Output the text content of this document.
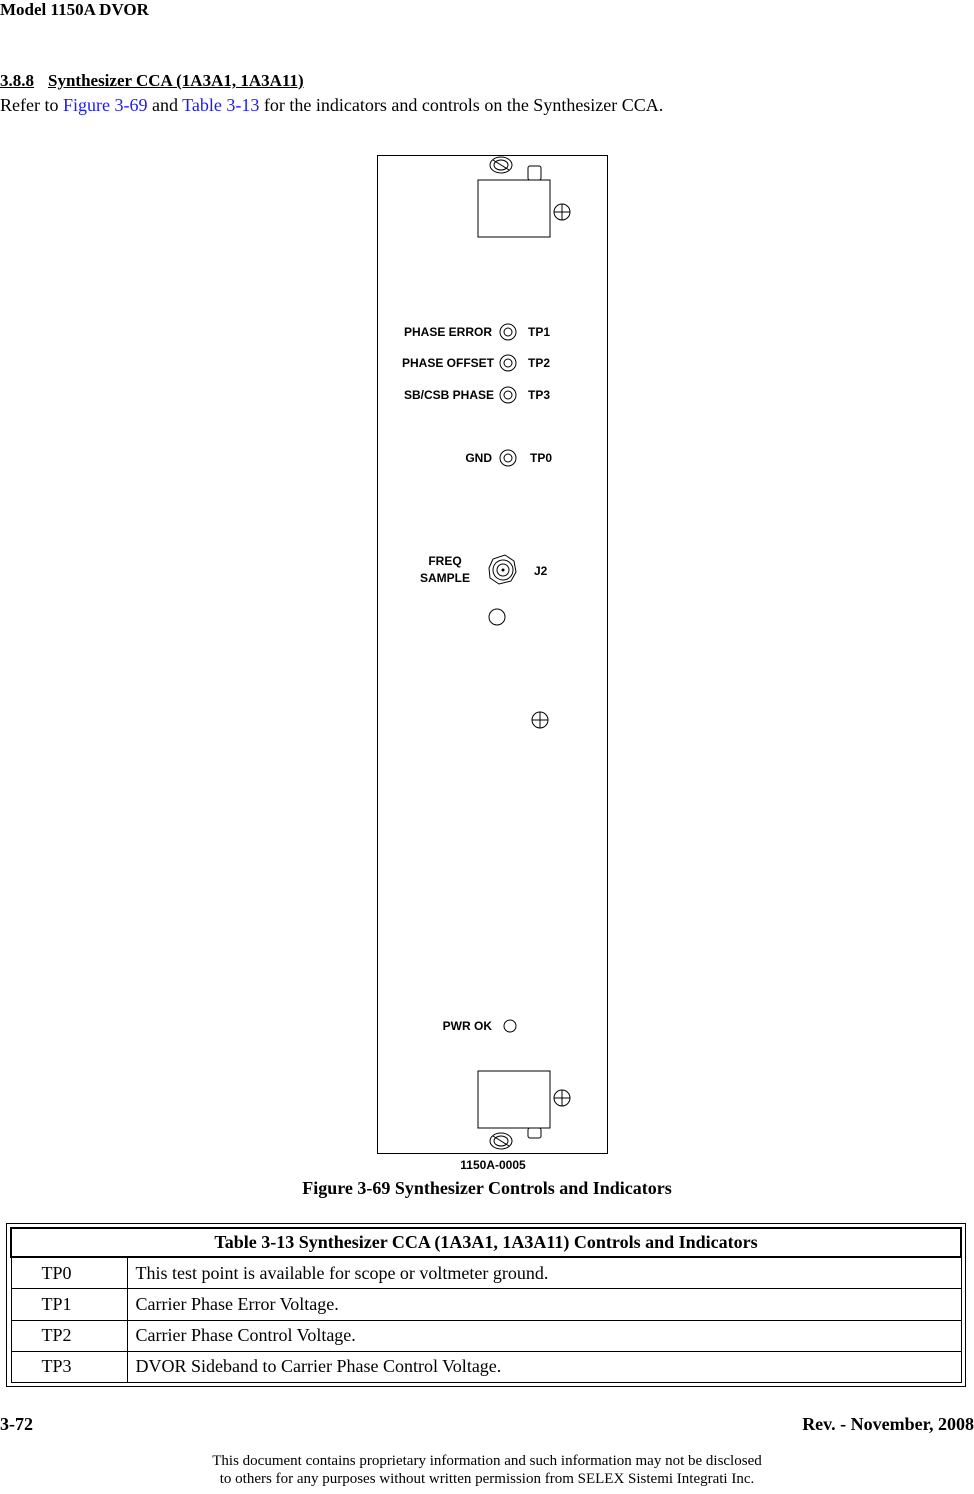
Model 1150A DVOR
3.8.8 Synthesizer CCA (1A3A1, 1A3A11)
Refer to Figure 3-69 and Table 3-13 for the indicators and controls on the Synthesizer CCA.
PHASE ERROR	TP1
PHASE OFFSET	TP2
SB/CSB PHASE	TP3
GND	TP0
FREQ
SAMPLE	J2
PWR OK
1150A-0005
Figure 3-69 Synthesizer Controls and Indicators
Table 3-13 Synthesizer CCA (1A3A1, 1A3A11) Controls and Indicators	
TP0	This test point is available for scope or voltmeter ground.
TP1	Carrier Phase Error Voltage.
TP2	Carrier Phase Control Voltage.
TP3	DVOR Sideband to Carrier Phase Control Voltage.
3-72	Rev. - November, 2008
This document contains proprietary information and such information may not be disclosed
to others for any purposes without written permission from SELEX Sistemi Integrati Inc.
